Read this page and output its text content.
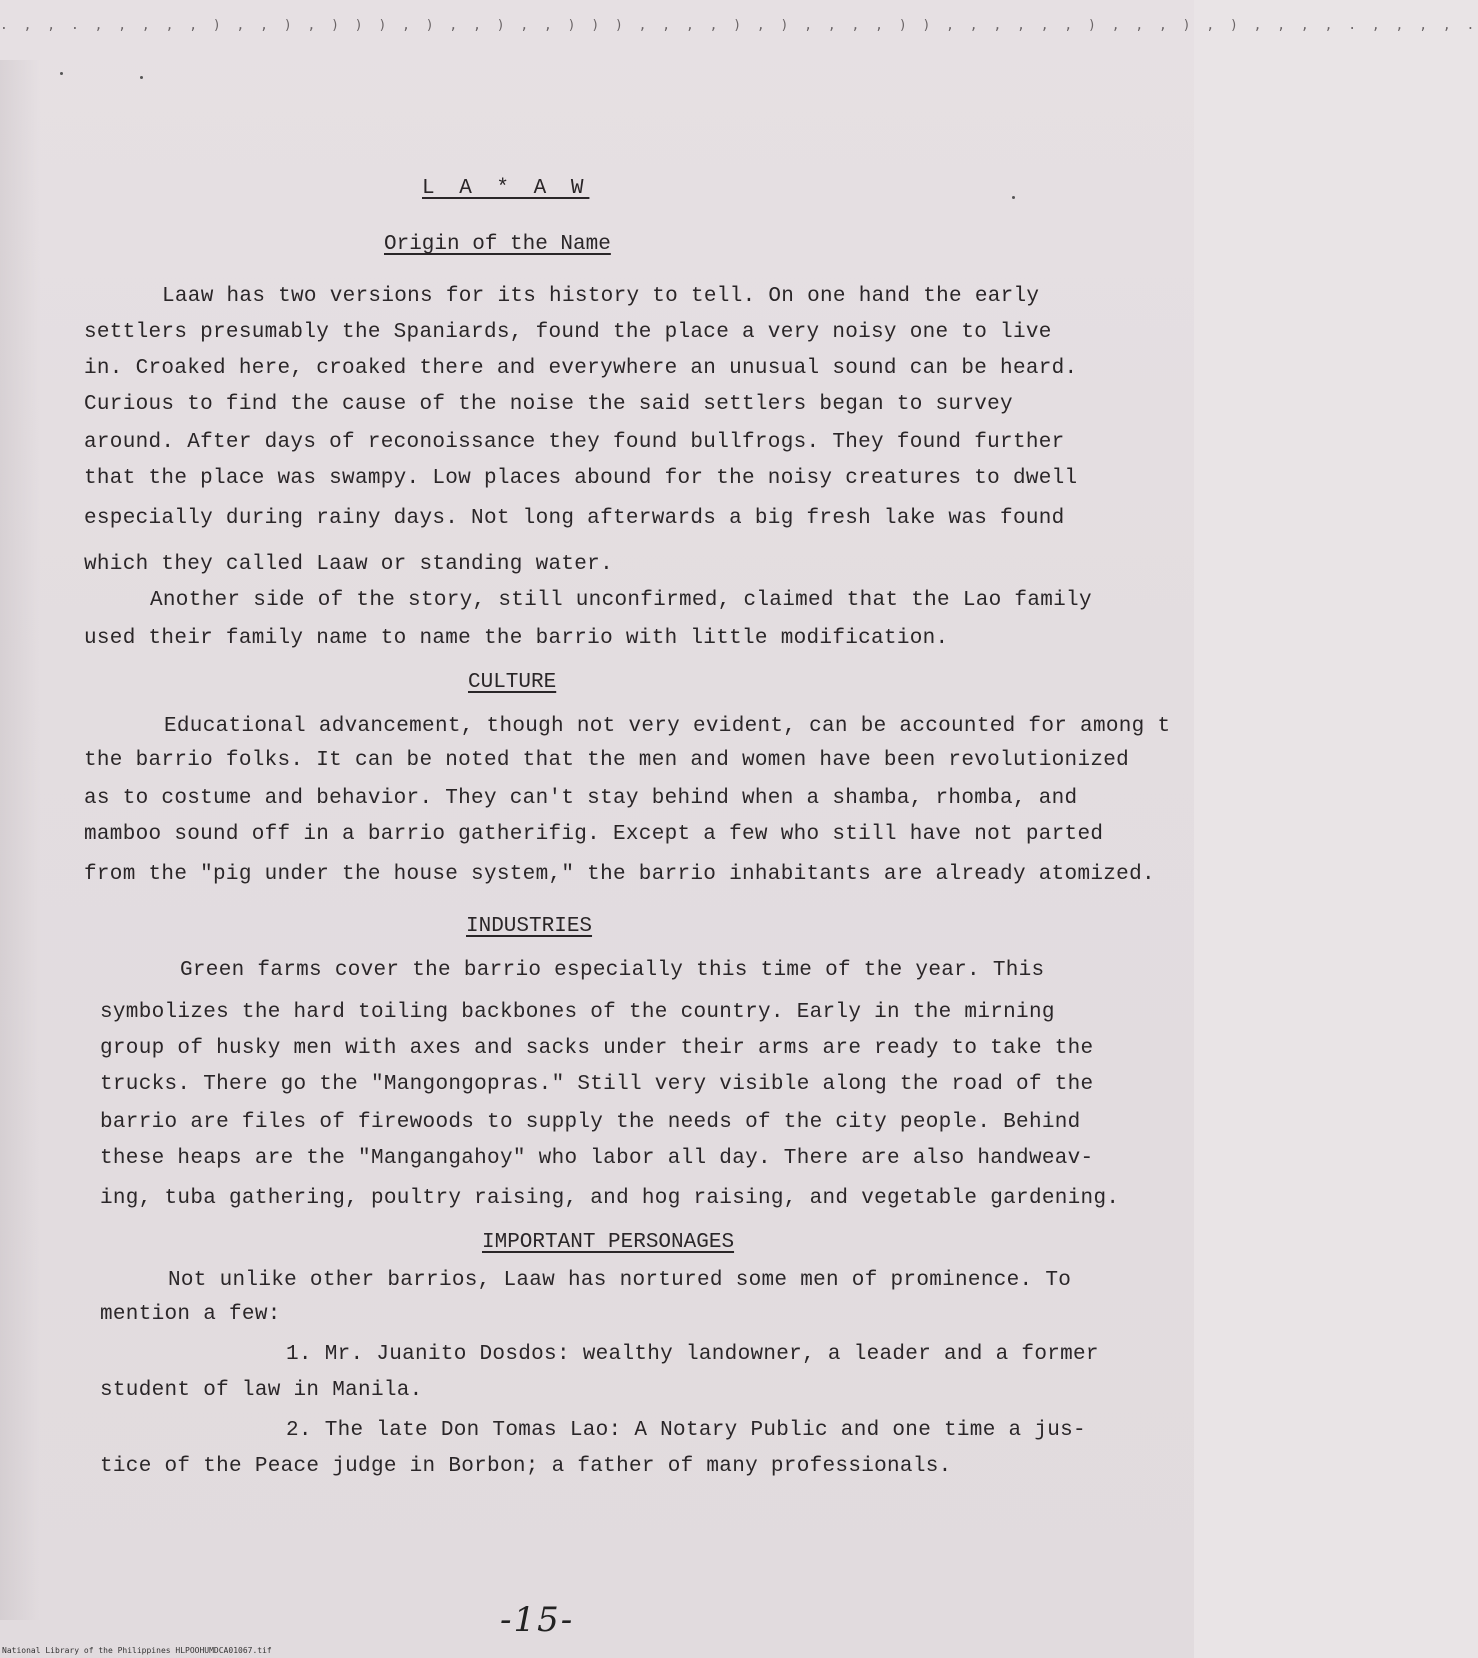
. , , . , , , , , ) , , ) , ) ) ) , ) , , ) , , ) ) ) , , , , ) , ) , , , , ) ) , , , , , , ) , , , ) , ) , , , , . , , , , .
L A * A W
Origin of the Name
Laaw has two versions for its history to tell. On one hand the early
settlers presumably the Spaniards, found the place a very noisy one to live
in. Croaked here, croaked there and everywhere an unusual sound can be heard.
Curious to find the cause of the noise the said settlers began to survey
around. After days of reconoissance they found bullfrogs. They found further
that the place was swampy. Low places abound for the noisy creatures to dwell
especially during rainy days. Not long afterwards a big fresh lake was found
which they called Laaw or standing water.
Another side of the story, still unconfirmed, claimed that the Lao family
used their family name to name the barrio with little modification.
CULTURE
Educational advancement, though not very evident, can be accounted for among t
the barrio folks. It can be noted that the men and women have been revolutionized
as to costume and behavior. They can't stay behind when a shamba, rhomba, and
mamboo sound off in a barrio gatherifig. Except a few who still have not parted
from the "pig under the house system," the barrio inhabitants are already atomized.
INDUSTRIES
Green farms cover the barrio especially this time of the year. This
symbolizes the hard toiling backbones of the country. Early in the mirning
group of husky men with axes and sacks under their arms are ready to take the
trucks. There go the "Mangongopras." Still very visible along the road of the
barrio are files of firewoods to supply the needs of the city people. Behind
these heaps are the "Mangangahoy" who labor all day. There are also handweav-
ing, tuba gathering, poultry raising, and hog raising, and vegetable gardening.
IMPORTANT PERSONAGES
Not unlike other barrios, Laaw has nortured some men of prominence. To
mention a few:
1. Mr. Juanito Dosdos: wealthy landowner, a leader and a former
student of law in Manila.
2. The late Don Tomas Lao: A Notary Public and one time a jus-
tice of the Peace judge in Borbon; a father of many professionals.
-15-
National Library of the Philippines HLPOOHUMDCA01067.tif
